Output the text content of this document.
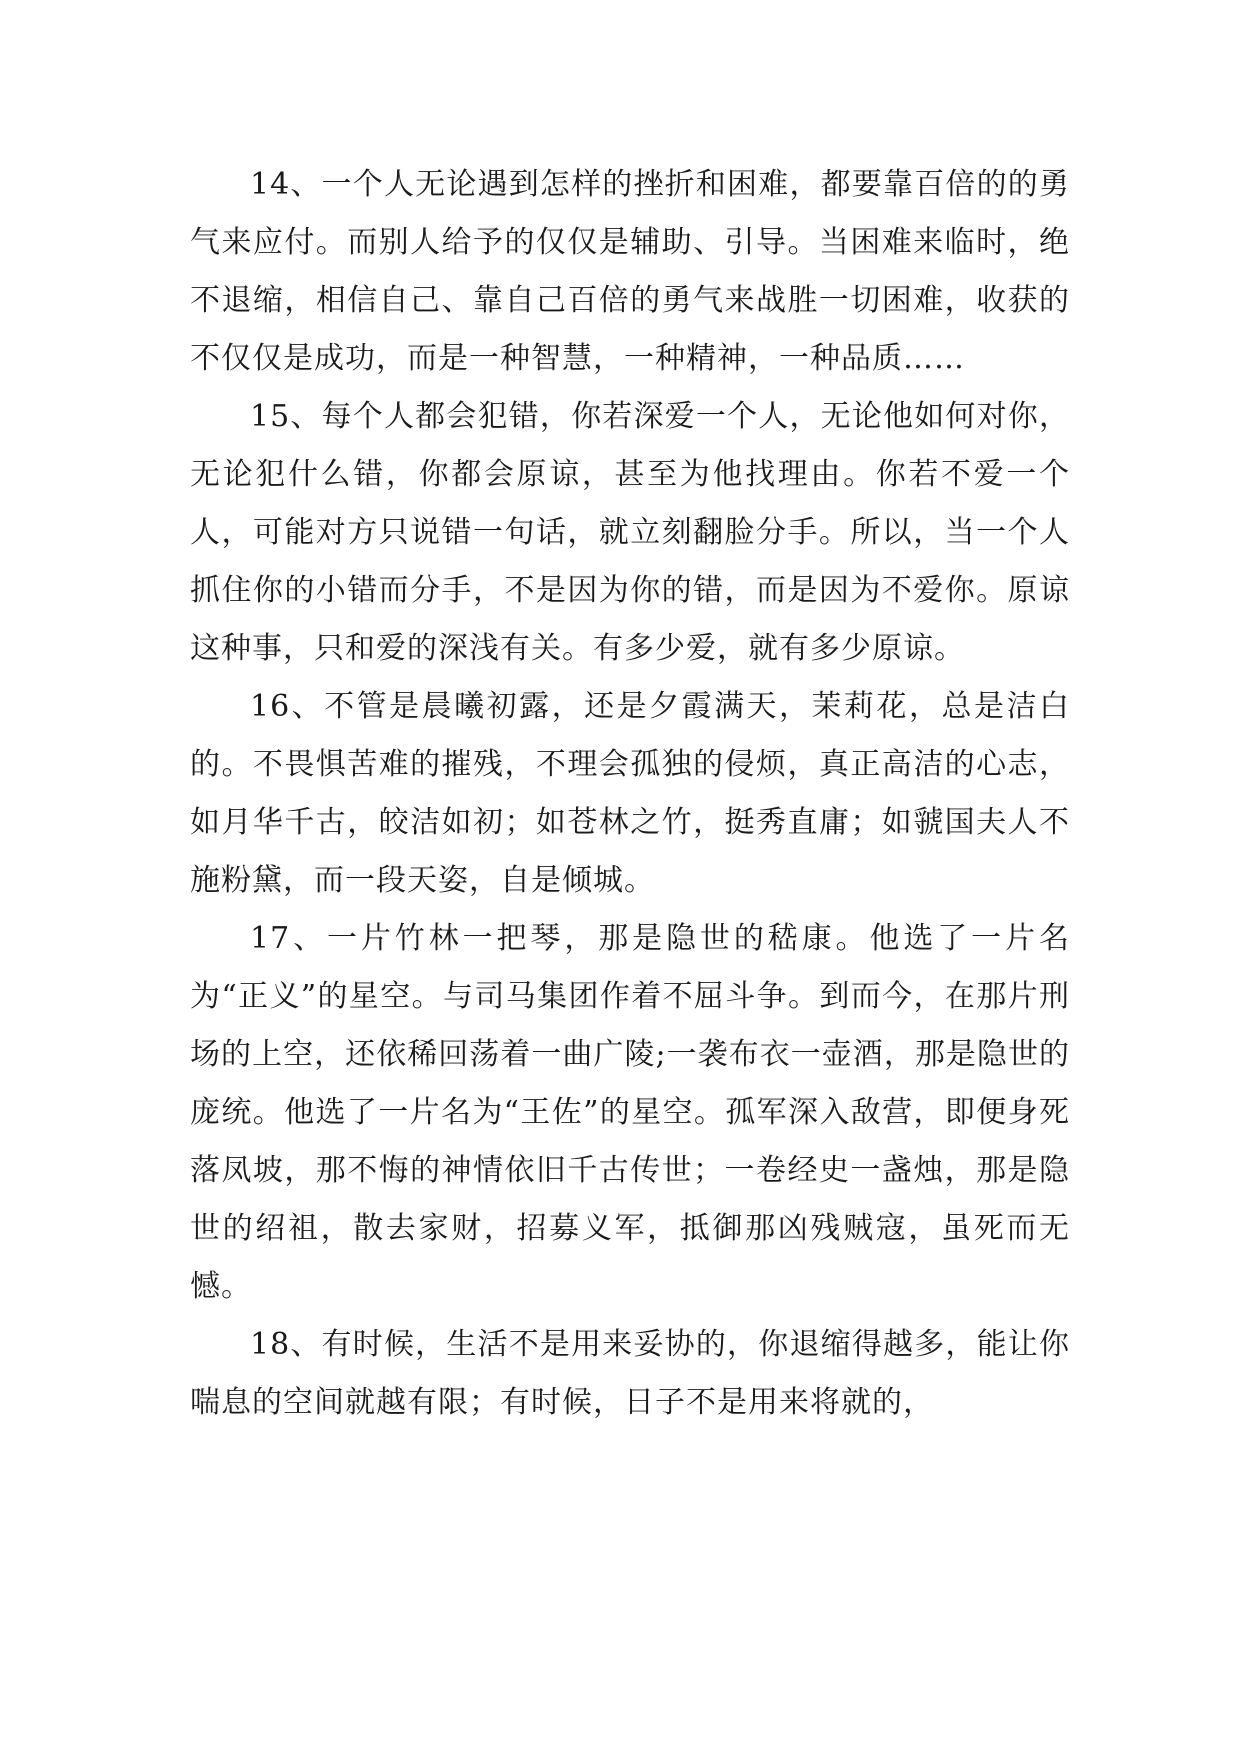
14、一个人无论遇到怎样的挫折和困难，都要靠百倍的的勇气来应付。而别人给予的仅仅是辅助、引导。当困难来临时，绝不退缩，相信自己、靠自己百倍的勇气来战胜一切困难，收获的不仅仅是成功，而是一种智慧，一种精神，一种品质……

15、每个人都会犯错，你若深爱一个人，无论他如何对你，无论犯什么错，你都会原谅，甚至为他找理由。你若不爱一个人，可能对方只说错一句话，就立刻翻脸分手。所以，当一个人抓住你的小错而分手，不是因为你的错，而是因为不爱你。原谅这种事，只和爱的深浅有关。有多少爱，就有多少原谅。

16、不管是晨曦初露，还是夕霞满天，茉莉花，总是洁白的。不畏惧苦难的摧残，不理会孤独的侵烦，真正高洁的心志，如月华千古，皎洁如初；如苍林之竹，挺秀直庸；如虢国夫人不施粉黛，而一段天姿，自是倾城。

17、一片竹林一把琴，那是隐世的嵇康。他选了一片名为“正义”的星空。与司马集团作着不屈斗争。到而今，在那片刑场的上空，还依稀回荡着一曲广陵;一袭布衣一壶酒，那是隐世的庞统。他选了一片名为“王佐”的星空。孤军深入敌营，即便身死落凤坡，那不悔的神情依旧千古传世；一卷经史一盏烛，那是隐世的绍祖，散去家财，招募义军，抵御那凶残贼寇，虽死而无憾。

18、有时候，生活不是用来妥协的，你退缩得越多，能让你喘息的空间就越有限；有时候，日子不是用来将就的，
